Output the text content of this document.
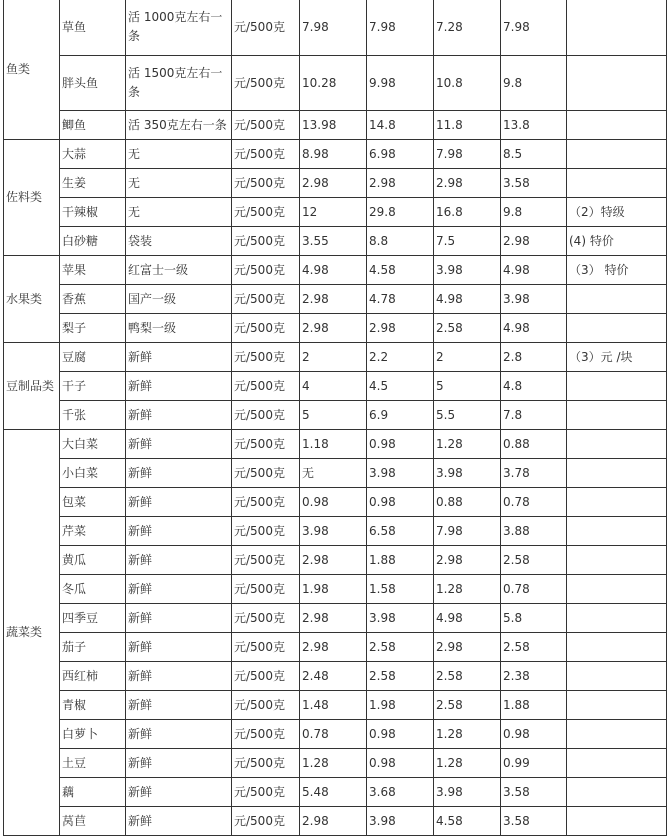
鱼类	草鱼	活 1000克左右一条	元/500克	7.98	7.98	7.28	7.98	
	胖头鱼	活 1500克左右一条	元/500克	10.28	9.98	10.8	9.8	
	鲫鱼	活 350克左右一条	元/500克	13.98	14.8	11.8	13.8	
佐料类	大蒜	无	元/500克	8.98	6.98	7.98	8.5	
	生姜	无	元/500克	2.98	2.98	2.98	3.58	
	干辣椒	无	元/500克	12	29.8	16.8	9.8	（2）特级
	白砂糖	袋装	元/500克	3.55	8.8	7.5	2.98	(4) 特价
水果类	苹果	红富士一级	元/500克	4.98	4.58	3.98	4.98	（3） 特价
	香蕉	国产一级	元/500克	2.98	4.78	4.98	3.98	
	梨子	鸭梨一级	元/500克	2.98	2.98	2.58	4.98	
豆制品类	豆腐	新鲜	元/500克	2	2.2	2	2.8	（3）元 /块
	干子	新鲜	元/500克	4	4.5	5	4.8	
	千张	新鲜	元/500克	5	6.9	5.5	7.8	
蔬菜类	大白菜	新鲜	元/500克	1.18	0.98	1.28	0.88	
	小白菜	新鲜	元/500克	无	3.98	3.98	3.78	
	包菜	新鲜	元/500克	0.98	0.98	0.88	0.78	
	芹菜	新鲜	元/500克	3.98	6.58	7.98	3.88	
	黄瓜	新鲜	元/500克	2.98	1.88	2.98	2.58	
	冬瓜	新鲜	元/500克	1.98	1.58	1.28	0.78	
	四季豆	新鲜	元/500克	2.98	3.98	4.98	5.8	
	茄子	新鲜	元/500克	2.98	2.58	2.98	2.58	
	西红柿	新鲜	元/500克	2.48	2.58	2.58	2.38	
	青椒	新鲜	元/500克	1.48	1.98	2.58	1.88	
	白萝卜	新鲜	元/500克	0.78	0.98	1.28	0.98	
	土豆	新鲜	元/500克	1.28	0.98	1.28	0.99	
	藕	新鲜	元/500克	5.48	3.68	3.98	3.58	
	莴苣	新鲜	元/500克	2.98	3.98	4.58	3.58	
